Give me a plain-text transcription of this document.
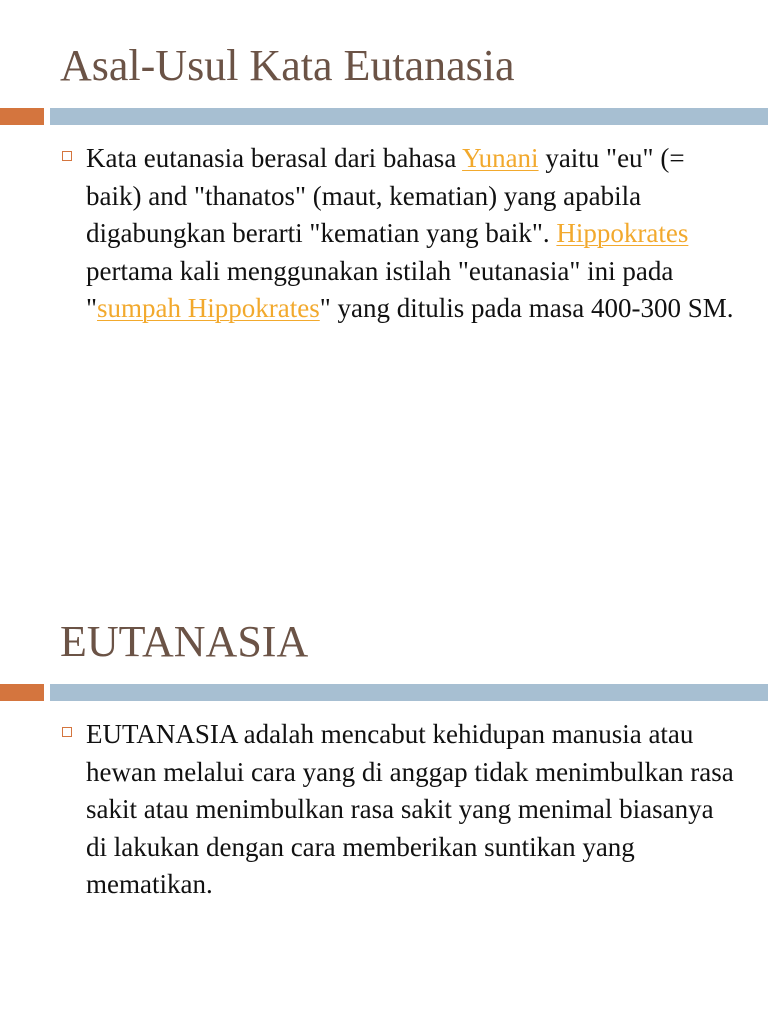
Asal-Usul Kata Eutanasia

Kata eutanasia berasal dari bahasa Yunani yaitu "eu" (= baik) and "thanatos" (maut, kematian) yang apabila digabungkan berarti "kematian yang baik". Hippokrates pertama kali menggunakan istilah "eutanasia" ini pada "sumpah Hippokrates" yang ditulis pada masa 400-300 SM.

EUTANASIA

EUTANASIA adalah mencabut kehidupan manusia atau hewan melalui cara yang di anggap tidak menimbulkan rasa sakit atau menimbulkan rasa sakit yang menimal biasanya di lakukan dengan cara memberikan suntikan yang mematikan.
